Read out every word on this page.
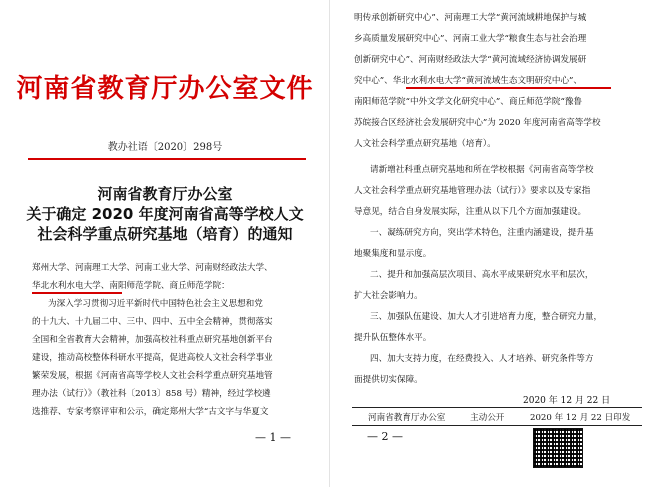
河南省教育厅办公室文件
教办社语〔2020〕298号
河南省教育厅办公室
关于确定 2020 年度河南省高等学校人文
社会科学重点研究基地（培育）的通知
郑州大学、河南理工大学、河南工业大学、河南财经政法大学、
华北水利水电大学、南阳师范学院、商丘师范学院：
为深入学习贯彻习近平新时代中国特色社会主义思想和党
的十九大、十九届二中、三中、四中、五中全会精神，贯彻落实
全国和全省教育大会精神，加强高校社科重点研究基地创新平台
建设，推动高校整体科研水平提高，促进高校人文社会科学事业
繁荣发展，根据《河南省高等学校人文社会科学重点研究基地管
理办法（试行）》（教社科〔2013〕858 号）精神，经过学校遴
选推荐、专家考察评审和公示，确定郑州大学“古文字与华夏文
— 1 —
明传承创新研究中心”、河南理工大学“黄河流域耕地保护与城
乡高质量发展研究中心”、河南工业大学“粮食生态与社会治理
创新研究中心”、河南财经政法大学“黄河流域经济协调发展研
究中心”、华北水利水电大学“黄河流域生态文明研究中心”、
南阳师范学院“中外文学文化研究中心”、商丘师范学院“豫鲁
苏皖接合区经济社会发展研究中心”为 2020 年度河南省高等学校
人文社会科学重点研究基地（培育）。
请新增社科重点研究基地和所在学校根据《河南省高等学校
人文社会科学重点研究基地管理办法（试行）》要求以及专家指
导意见，结合自身发展实际，注重从以下几个方面加强建设。
一、凝练研究方向，突出学术特色，注重内涵建设，提升基
地聚集度和显示度。
二、提升和加强高层次项目、高水平成果研究水平和层次，
扩大社会影响力。
三、加强队伍建设、加大人才引进培育力度，整合研究力量，
提升队伍整体水平。
四、加大支持力度，在经费投入、人才培养、研究条件等方
面提供切实保障。
2020 年 12 月 22 日
河南省教育厅办公室	主动公开	2020 年 12 月 22 日印发
— 2 —
